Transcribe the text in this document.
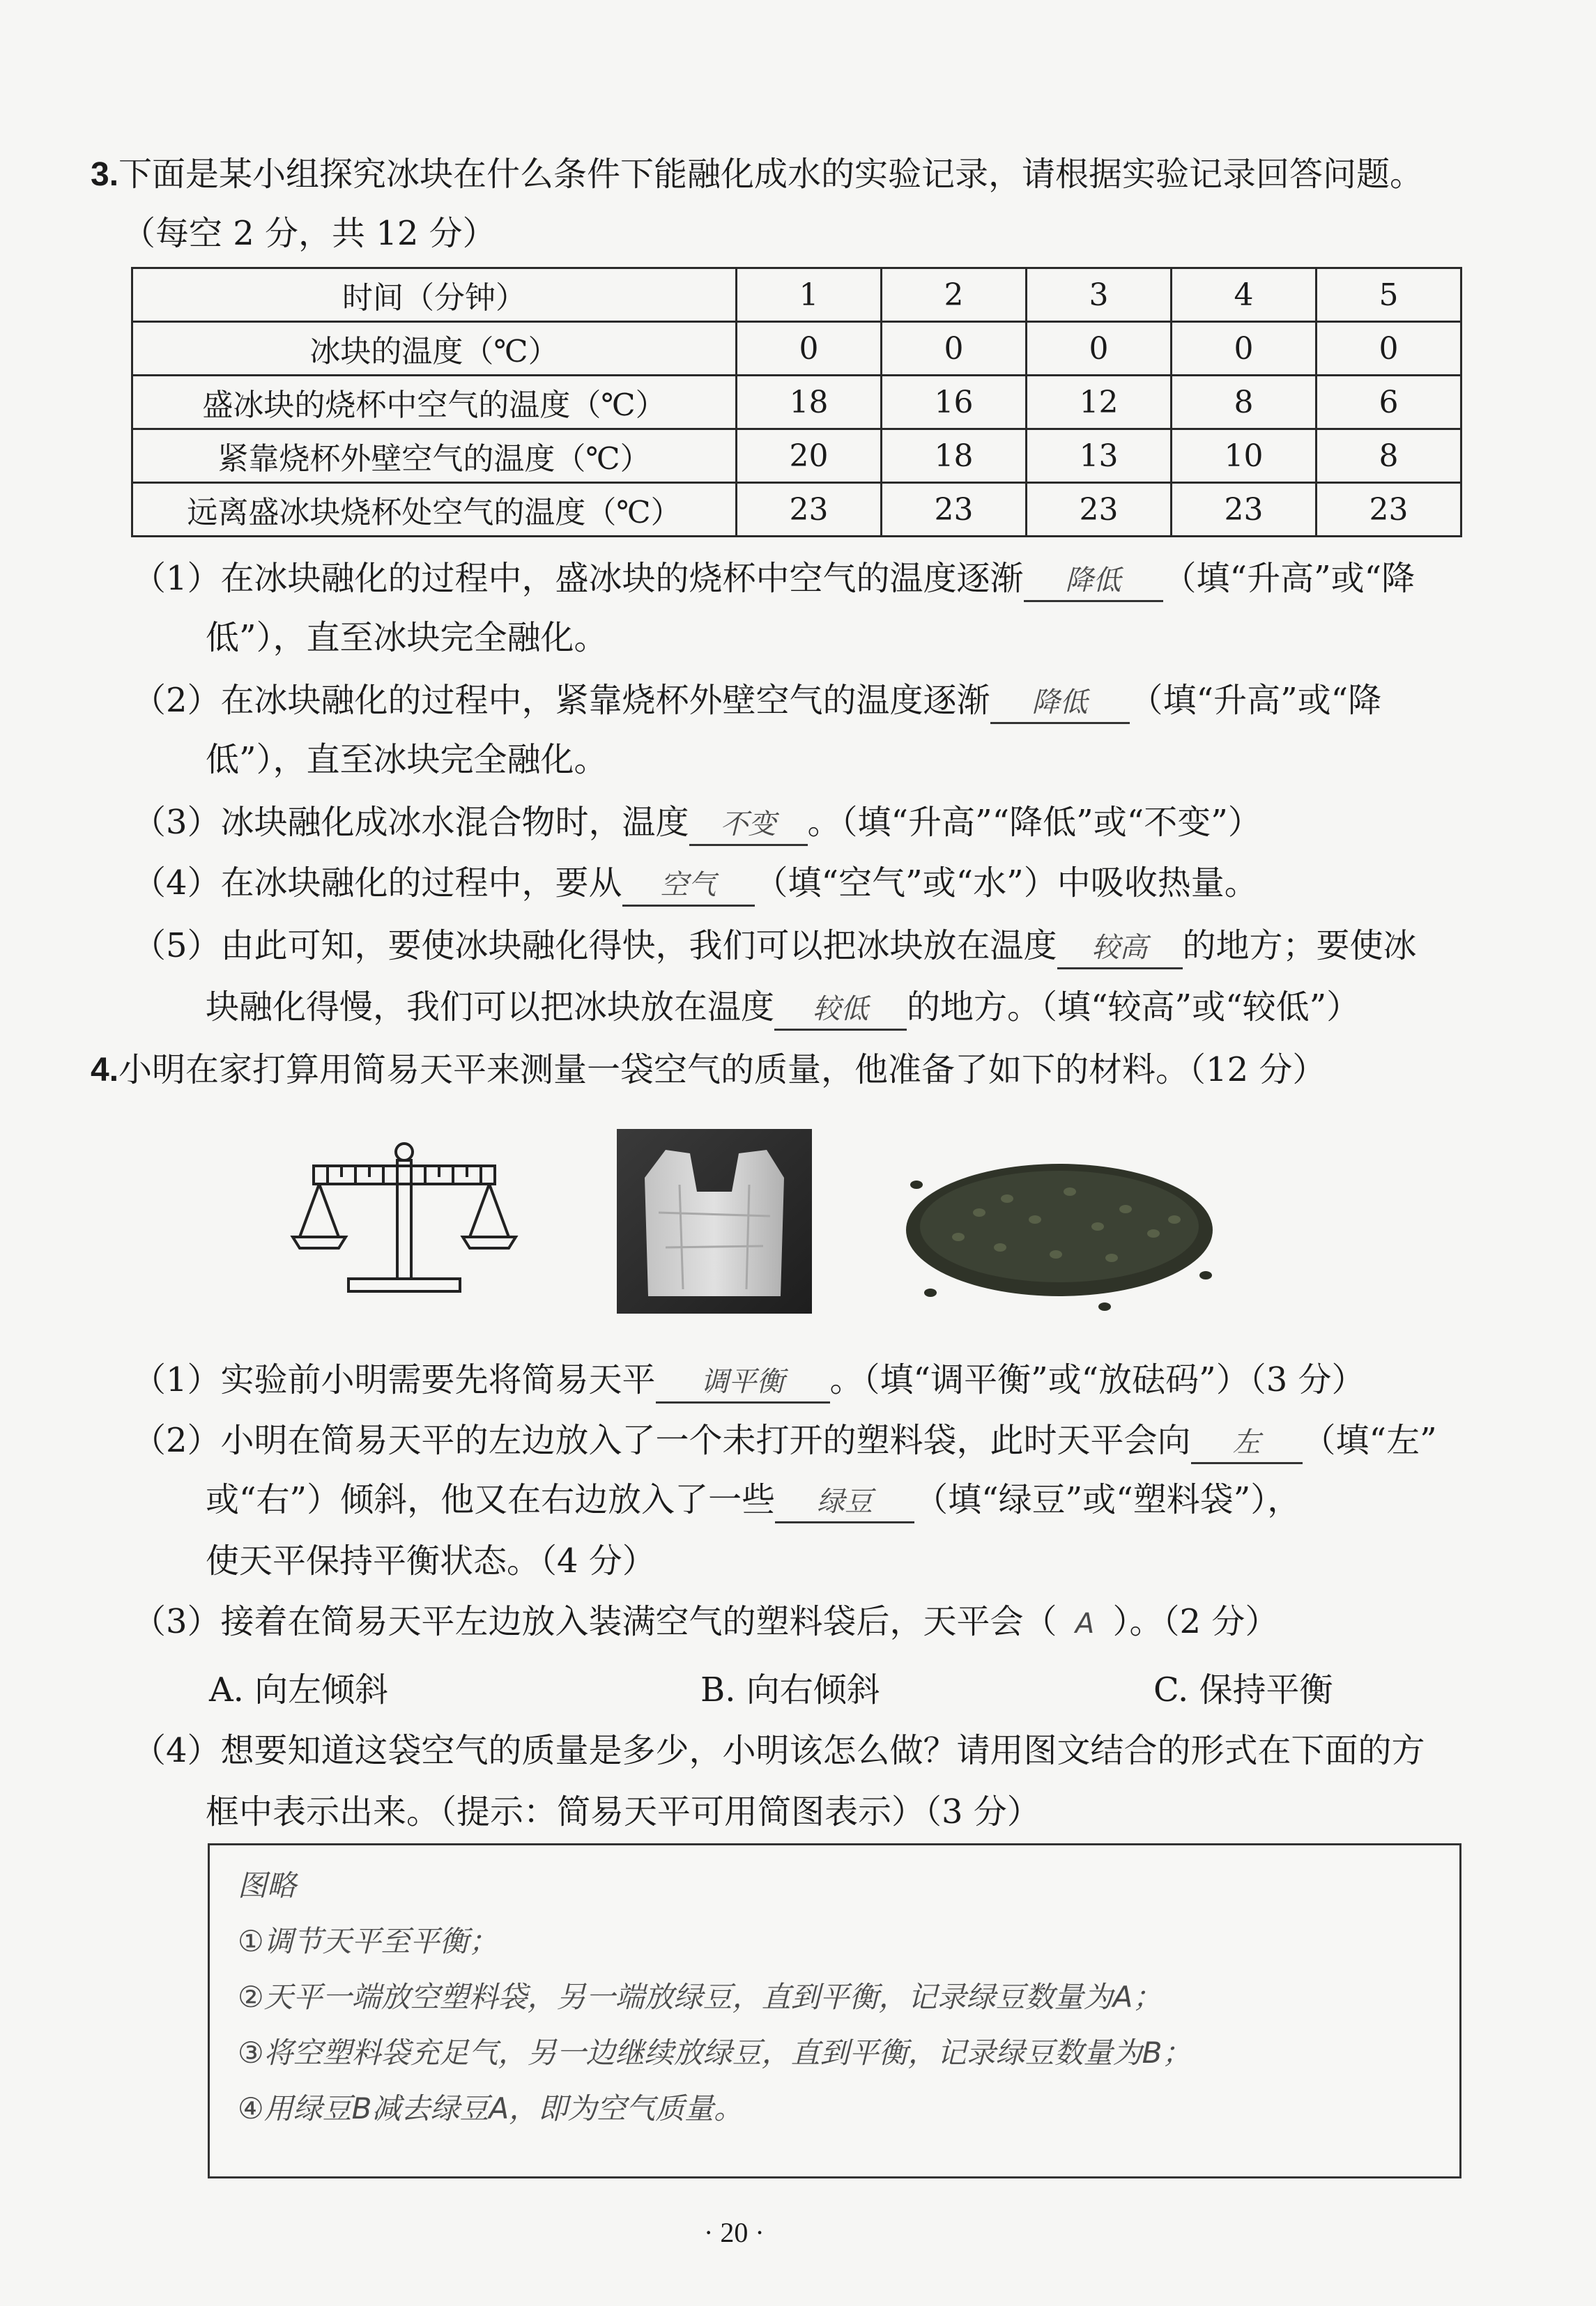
3.下面是某小组探究冰块在什么条件下能融化成水的实验记录，请根据实验记录回答问题。
（每空 2 分，共 12 分）
时间（分钟）	1	2	3	4	5
冰块的温度（℃）	0	0	0	0	0
盛冰块的烧杯中空气的温度（℃）	18	16	12	8	6
紧靠烧杯外壁空气的温度（℃）	20	18	13	10	8
远离盛冰块烧杯处空气的温度（℃）	23	23	23	23	23
（1）在冰块融化的过程中，盛冰块的烧杯中空气的温度逐渐 降低 （填“升高”或“降
低”），直至冰块完全融化。
（2）在冰块融化的过程中，紧靠烧杯外壁空气的温度逐渐 降低 （填“升高”或“降
低”），直至冰块完全融化。
（3）冰块融化成冰水混合物时，温度 不变 。（填“升高”“降低”或“不变”）
（4）在冰块融化的过程中，要从 空气 （填“空气”或“水”）中吸收热量。
（5）由此可知，要使冰块融化得快，我们可以把冰块放在温度 较高 的地方；要使冰
块融化得慢，我们可以把冰块放在温度 较低 的地方。（填“较高”或“较低”）
4.小明在家打算用简易天平来测量一袋空气的质量，他准备了如下的材料。（12 分）
（1）实验前小明需要先将简易天平 调平衡 。（填“调平衡”或“放砝码”）（3 分）
（2）小明在简易天平的左边放入了一个未打开的塑料袋，此时天平会向 左 （填“左”
或“右”）倾斜，他又在右边放入了一些 绿豆 （填“绿豆”或“塑料袋”），
使天平保持平衡状态。（4 分）
（3）接着在简易天平左边放入装满空气的塑料袋后，天平会（ A ）。（2 分）
A. 向左倾斜	B. 向右倾斜	C. 保持平衡
（4）想要知道这袋空气的质量是多少，小明该怎么做？请用图文结合的形式在下面的方
框中表示出来。（提示：简易天平可用简图表示）（3 分）
图略
①调节天平至平衡；
②天平一端放空塑料袋，另一端放绿豆，直到平衡，记录绿豆数量为A；
③将空塑料袋充足气，另一边继续放绿豆，直到平衡，记录绿豆数量为B；
④用绿豆B减去绿豆A，即为空气质量。
· 20 ·
